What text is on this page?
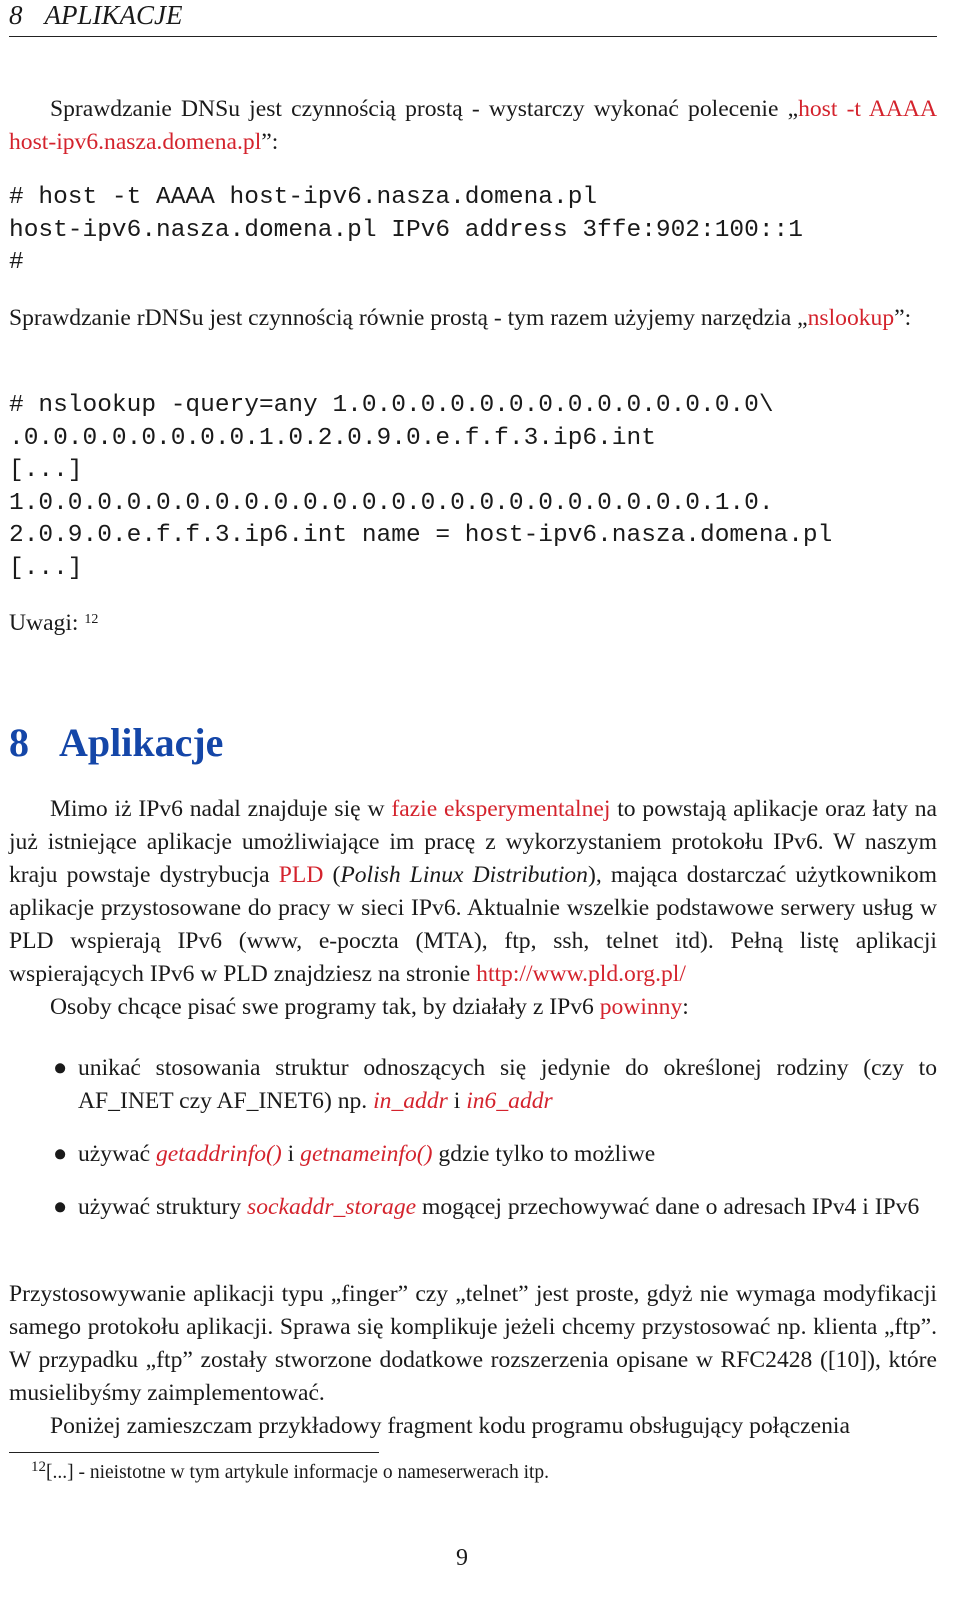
8 APLIKACJE

Sprawdzanie DNSu jest czynnością prostą - wystarczy wykonać polecenie „host -t AAAA host-ipv6.nasza.domena.pl”:

# host -t AAAA host-ipv6.nasza.domena.pl
host-ipv6.nasza.domena.pl IPv6 address 3ffe:902:100::1
#

Sprawdzanie rDNSu jest czynnością równie prostą - tym razem użyjemy narzędzia „nslookup”:

# nslookup -query=any 1.0.0.0.0.0.0.0.0.0.0.0.0.0.0\
.0.0.0.0.0.0.0.0.1.0.2.0.9.0.e.f.f.3.ip6.int
[...]
1.0.0.0.0.0.0.0.0.0.0.0.0.0.0.0.0.0.0.0.0.0.0.0.1.0.
2.0.9.0.e.f.f.3.ip6.int name = host-ipv6.nasza.domena.pl
[...]

Uwagi: $^{12}$

8 Aplikacje

Mimo iż IPv6 nadal znajduje się w fazie eksperymentalnej to powstają aplikacje oraz łaty na już istniejące aplikacje umożliwiające im pracę z wykorzystaniem protokołu IPv6. W naszym kraju powstaje dystrybucja PLD (Polish Linux Distribution), mająca dostarczać użytkownikom aplikacje przystosowane do pracy w sieci IPv6. Aktualnie wszelkie podstawowe serwery usług w PLD wspierają IPv6 (www, e-poczta (MTA), ftp, ssh, telnet itd). Pełną listę aplikacji wspierających IPv6 w PLD znajdziesz na stronie http://www.pld.org.pl/

Osoby chcące pisać swe programy tak, by działały z IPv6 powinny:

● unikać stosowania struktur odnoszących się jedynie do określonej rodziny (czy to AF_INET czy AF_INET6) np. in_addr i in6_addr
● używać getaddrinfo() i getnameinfo() gdzie tylko to możliwe
● używać struktury sockaddr_storage mogącej przechowywać dane o adresach IPv4 i IPv6

Przystosowywanie aplikacji typu „finger” czy „telnet” jest proste, gdyż nie wymaga modyfikacji samego protokołu aplikacji. Sprawa się komplikuje jeżeli chcemy przystosować np. klienta „ftp”. W przypadku „ftp” zostały stworzone dodatkowe rozszerzenia opisane w RFC2428 ([10]), które musielibyśmy zaimplementować.

Poniżej zamieszczam przykładowy fragment kodu programu obsługujący połączenia

$^{12}$[...] - nieistotne w tym artykule informacje o nameserwerach itp.
9
